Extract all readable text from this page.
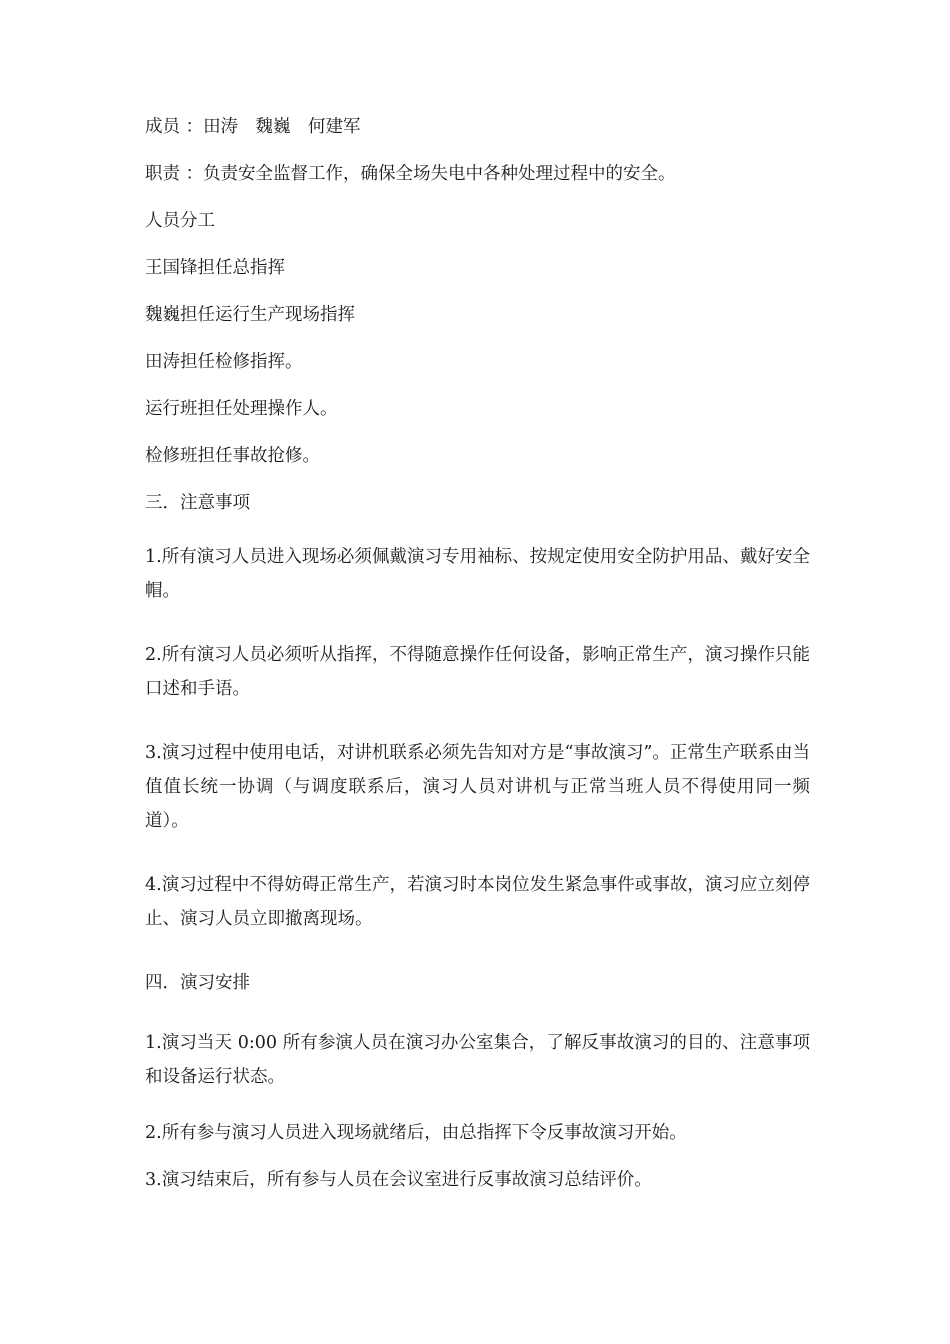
成员 ：田涛　魏巍　何建军
职责 ：负责安全监督工作，确保全场失电中各种处理过程中的安全。
人员分工
王国锋担任总指挥
魏巍担任运行生产现场指挥
田涛担任检修指挥。
运行班担任处理操作人。
检修班担任事故抢修。
三．注意事项
1.所有演习人员进入现场必须佩戴演习专用袖标、按规定使用安全防护用品、戴好安全帽。
2.所有演习人员必须听从指挥，不得随意操作任何设备，影响正常生产，演习操作只能口述和手语。
3.演习过程中使用电话，对讲机联系必须先告知对方是“事故演习”。正常生产联系由当值值长统一协调（与调度联系后，演习人员对讲机与正常当班人员不得使用同一频道）。
4.演习过程中不得妨碍正常生产，若演习时本岗位发生紧急事件或事故，演习应立刻停止、演习人员立即撤离现场。
四．演习安排
1.演习当天 0:00 所有参演人员在演习办公室集合，了解反事故演习的目的、注意事项和设备运行状态。
2.所有参与演习人员进入现场就绪后，由总指挥下令反事故演习开始。
3.演习结束后，所有参与人员在会议室进行反事故演习总结评价。
